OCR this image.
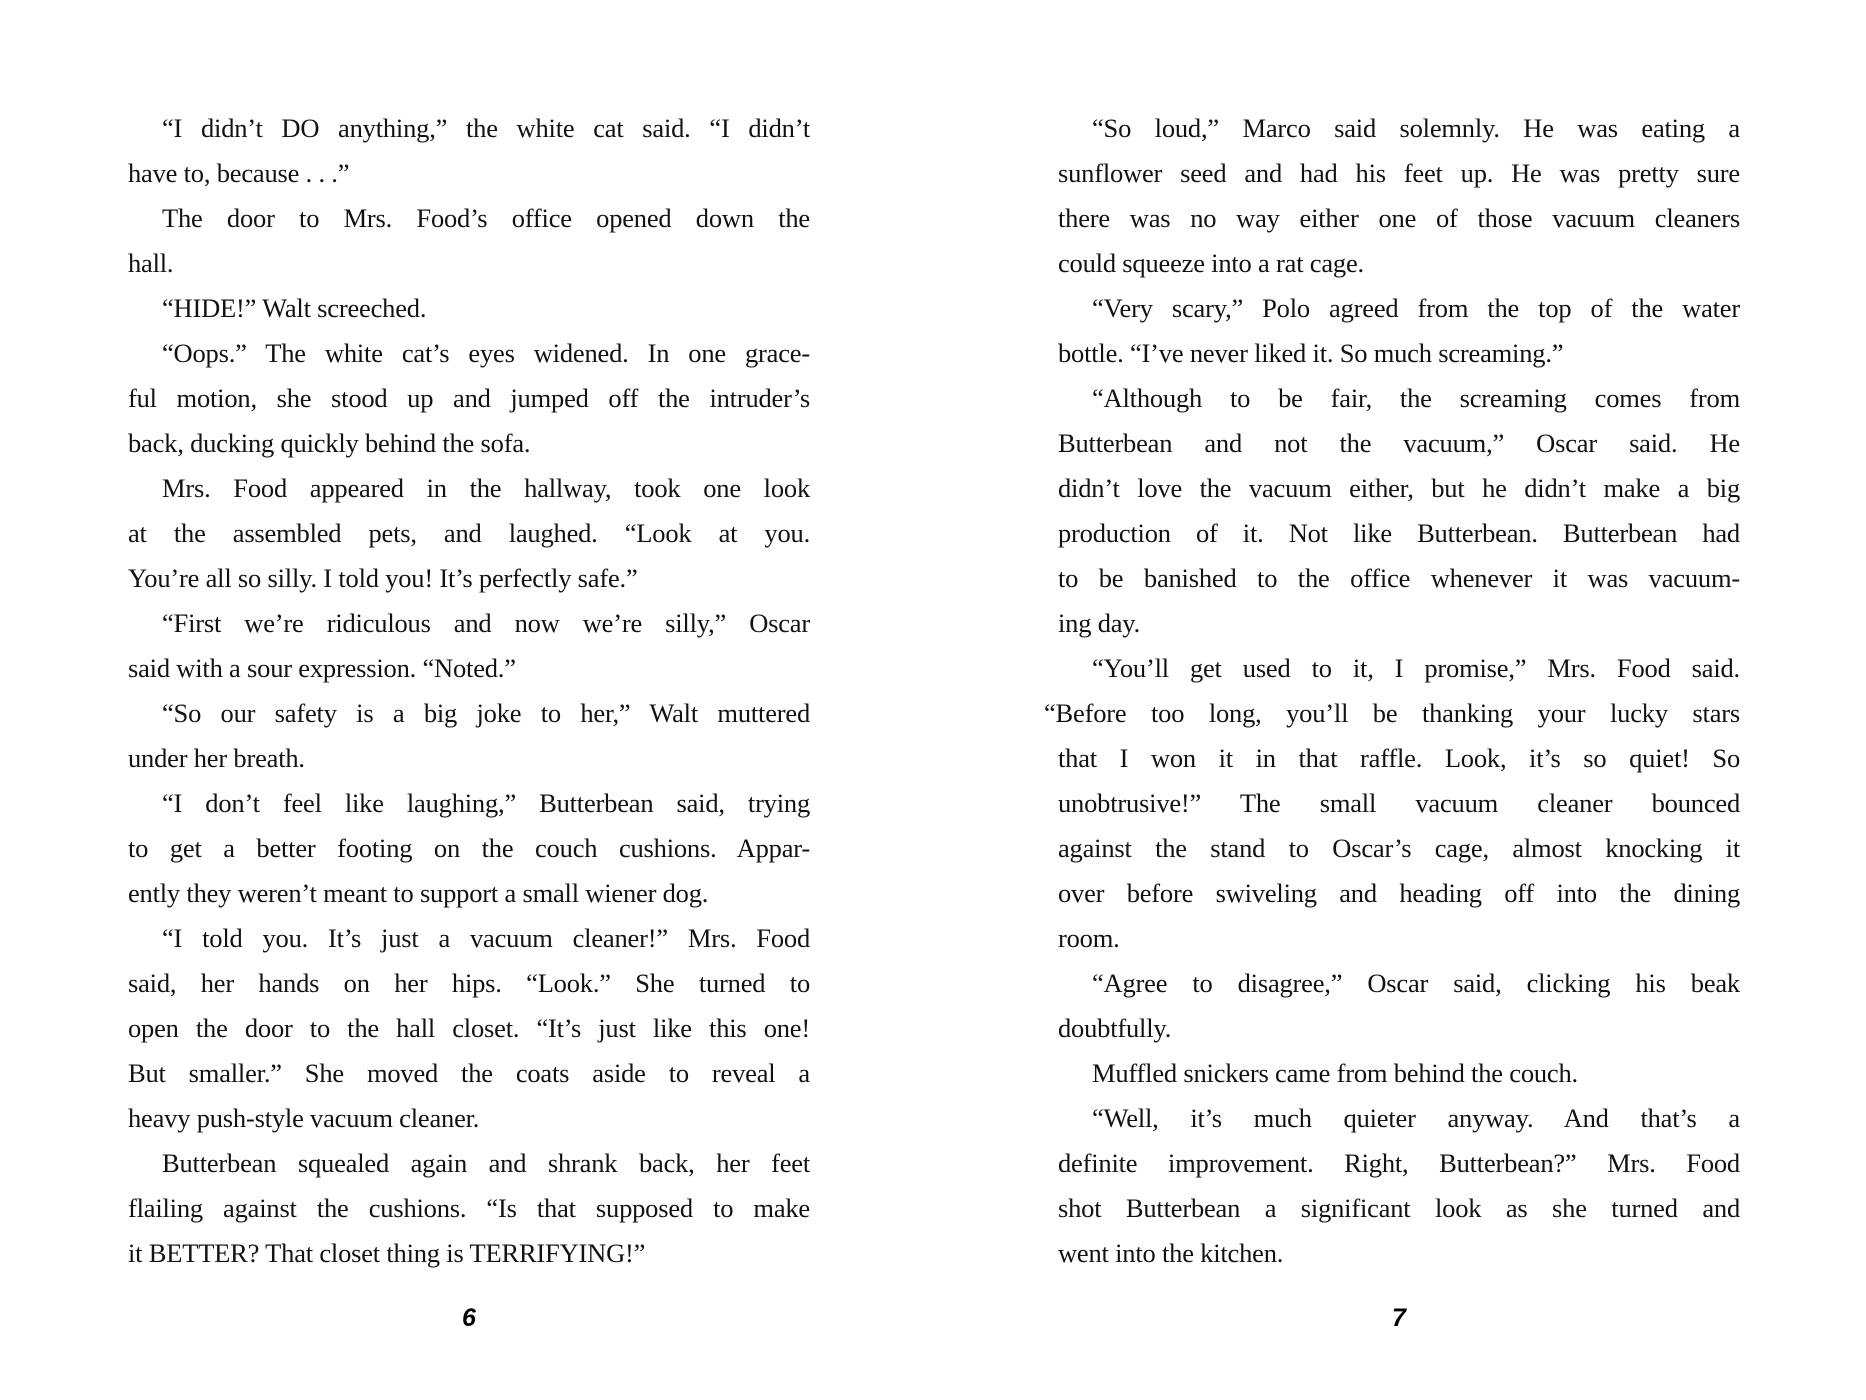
“I didn’t DO anything,” the white cat said. “I didn’t
have to, because . . .”
The door to Mrs. Food’s office opened down the
hall.
“HIDE!” Walt screeched.
“Oops.” The white cat’s eyes widened. In one grace-
ful motion, she stood up and jumped off the intruder’s
back, ducking quickly behind the sofa.
Mrs. Food appeared in the hallway, took one look
at the assembled pets, and laughed. “Look at you.
You’re all so silly. I told you! It’s perfectly safe.”
“First we’re ridiculous and now we’re silly,” Oscar
said with a sour expression. “Noted.”
“So our safety is a big joke to her,” Walt muttered
under her breath.
“I don’t feel like laughing,” Butterbean said, trying
to get a better footing on the couch cushions. Appar-
ently they weren’t meant to support a small wiener dog.
“I told you. It’s just a vacuum cleaner!” Mrs. Food
said, her hands on her hips. “Look.” She turned to
open the door to the hall closet. “It’s just like this one!
But smaller.” She moved the coats aside to reveal a
heavy push-style vacuum cleaner.
Butterbean squealed again and shrank back, her feet
flailing against the cushions. “Is that supposed to make
it BETTER? That closet thing is TERRIFYING!”
6
“So loud,” Marco said solemnly. He was eating a
sunflower seed and had his feet up. He was pretty sure
there was no way either one of those vacuum cleaners
could squeeze into a rat cage.
“Very scary,” Polo agreed from the top of the water
bottle. “I’ve never liked it. So much screaming.”
“Although to be fair, the screaming comes from
Butterbean and not the vacuum,” Oscar said. He
didn’t love the vacuum either, but he didn’t make a big
production of it. Not like Butterbean. Butterbean had
to be banished to the office whenever it was vacuum-
ing day.
“You’ll get used to it, I promise,” Mrs. Food said.
“Before too long, you’ll be thanking your lucky stars
that I won it in that raffle. Look, it’s so quiet! So
unobtrusive!” The small vacuum cleaner bounced
against the stand to Oscar’s cage, almost knocking it
over before swiveling and heading off into the dining
room.
“Agree to disagree,” Oscar said, clicking his beak
doubtfully.
Muffled snickers came from behind the couch.
“Well, it’s much quieter anyway. And that’s a
definite improvement. Right, Butterbean?” Mrs. Food
shot Butterbean a significant look as she turned and
went into the kitchen.
7
